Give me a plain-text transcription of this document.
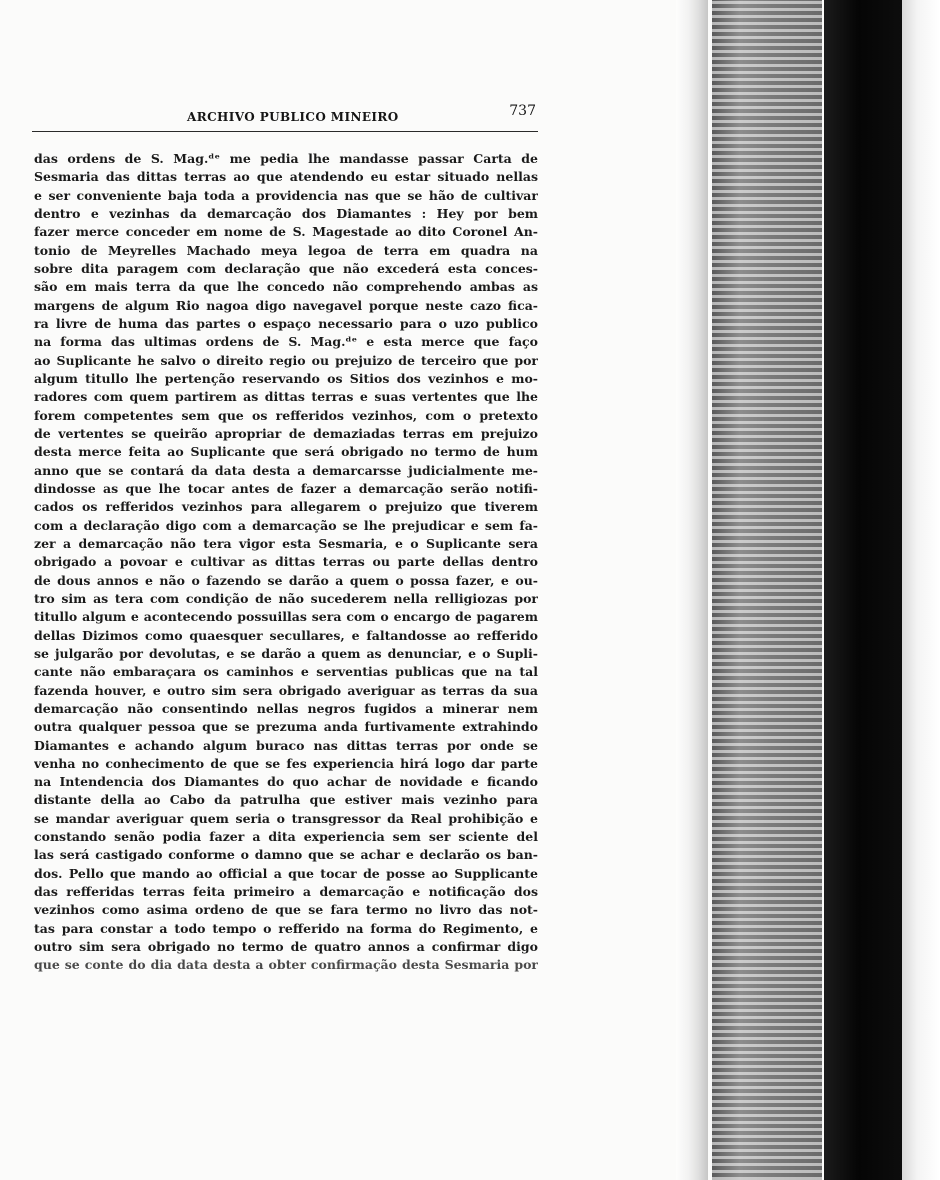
ARCHIVO PUBLICO MINEIRO	737
das ordens de S. Mag.ᵈᵉ me pedia lhe mandasse passar Carta de
Sesmaria das dittas terras ao que atendendo eu estar situado nellas
e ser conveniente baja toda a providencia nas que se hão de cultivar
dentro e vezinhas da demarcação dos Diamantes : Hey por bem
fazer merce conceder em nome de S. Magestade ao dito Coronel An-
tonio de Meyrelles Machado meya legoa de terra em quadra na
sobre dita paragem com declaração que não excederá esta conces-
são em mais terra da que lhe concedo não comprehendo ambas as
margens de algum Rio nagoa digo navegavel porque neste cazo fica-
ra livre de huma das partes o espaço necessario para o uzo publico
na forma das ultimas ordens de S. Mag.ᵈᵉ e esta merce que faço
ao Suplicante he salvo o direito regio ou prejuizo de terceiro que por
algum titullo lhe pertenção reservando os Sitios dos vezinhos e mo-
radores com quem partirem as dittas terras e suas vertentes que lhe
forem competentes sem que os refferidos vezinhos, com o pretexto
de vertentes se queirão apropriar de demaziadas terras em prejuizo
desta merce feita ao Suplicante que será obrigado no termo de hum
anno que se contará da data desta a demarcarsse judicialmente me-
dindosse as que lhe tocar antes de fazer a demarcação serão notifi-
cados os refferidos vezinhos para allegarem o prejuizo que tiverem
com a declaração digo com a demarcação se lhe prejudicar e sem fa-
zer a demarcação não tera vigor esta Sesmaria, e o Suplicante sera
obrigado a povoar e cultivar as dittas terras ou parte dellas dentro
de dous annos e não o fazendo se darão a quem o possa fazer, e ou-
tro sim as tera com condição de não sucederem nella relligiozas por
titullo algum e acontecendo possuillas sera com o encargo de pagarem
dellas Dizimos como quaesquer secullares, e faltandosse ao refferido
se julgarão por devolutas, e se darão a quem as denunciar, e o Supli-
cante não embaraçara os caminhos e serventias publicas que na tal
fazenda houver, e outro sim sera obrigado averiguar as terras da sua
demarcação não consentindo nellas negros fugidos a minerar nem
outra qualquer pessoa que se prezuma anda furtivamente extrahindo
Diamantes e achando algum buraco nas dittas terras por onde se
venha no conhecimento de que se fes experiencia hirá logo dar parte
na Intendencia dos Diamantes do quo achar de novidade e ficando
distante della ao Cabo da patrulha que estiver mais vezinho para
se mandar averiguar quem seria o transgressor da Real prohibição e
constando senão podia fazer a dita experiencia sem ser sciente del
las será castigado conforme o damno que se achar e declarão os ban-
dos. Pello que mando ao official a que tocar de posse ao Supplicante
das refferidas terras feita primeiro a demarcação e notificação dos
vezinhos como asima ordeno de que se fara termo no livro das not-
tas para constar a todo tempo o refferido na forma do Regimento, e
outro sim sera obrigado no termo de quatro annos a confirmar digo
que se conte do dia data desta a obter confirmação desta Sesmaria por
